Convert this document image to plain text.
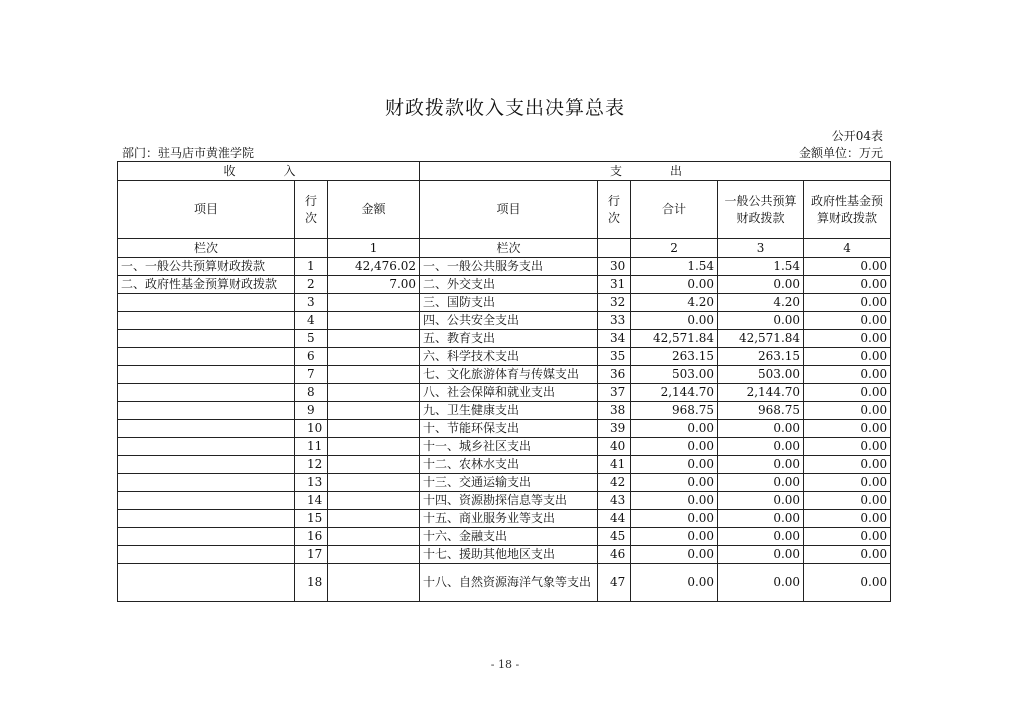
财政拨款收入支出决算总表
公开04表
部门：驻马店市黄淮学院	金额单位：万元
收　入			支　出				
项目	行次	金额	项目	行次	合计	一般公共预算财政拨款	政府性基金预算财政拨款
栏次		1	栏次		2	3	4
一、一般公共预算财政拨款	1	42,476.02	一、一般公共服务支出	30	1.54	1.54	0.00
二、政府性基金预算财政拨款	2	7.00	二、外交支出	31	0.00	0.00	0.00
	3		三、国防支出	32	4.20	4.20	0.00
	4		四、公共安全支出	33	0.00	0.00	0.00
	5		五、教育支出	34	42,571.84	42,571.84	0.00
	6		六、科学技术支出	35	263.15	263.15	0.00
	7		七、文化旅游体育与传媒支出	36	503.00	503.00	0.00
	8		八、社会保障和就业支出	37	2,144.70	2,144.70	0.00
	9		九、卫生健康支出	38	968.75	968.75	0.00
	10		十、节能环保支出	39	0.00	0.00	0.00
	11		十一、城乡社区支出	40	0.00	0.00	0.00
	12		十二、农林水支出	41	0.00	0.00	0.00
	13		十三、交通运输支出	42	0.00	0.00	0.00
	14		十四、资源勘探信息等支出	43	0.00	0.00	0.00
	15		十五、商业服务业等支出	44	0.00	0.00	0.00
	16		十六、金融支出	45	0.00	0.00	0.00
	17		十七、援助其他地区支出	46	0.00	0.00	0.00
	18		十八、自然资源海洋气象等支出	47	0.00	0.00	0.00
- 18 -
